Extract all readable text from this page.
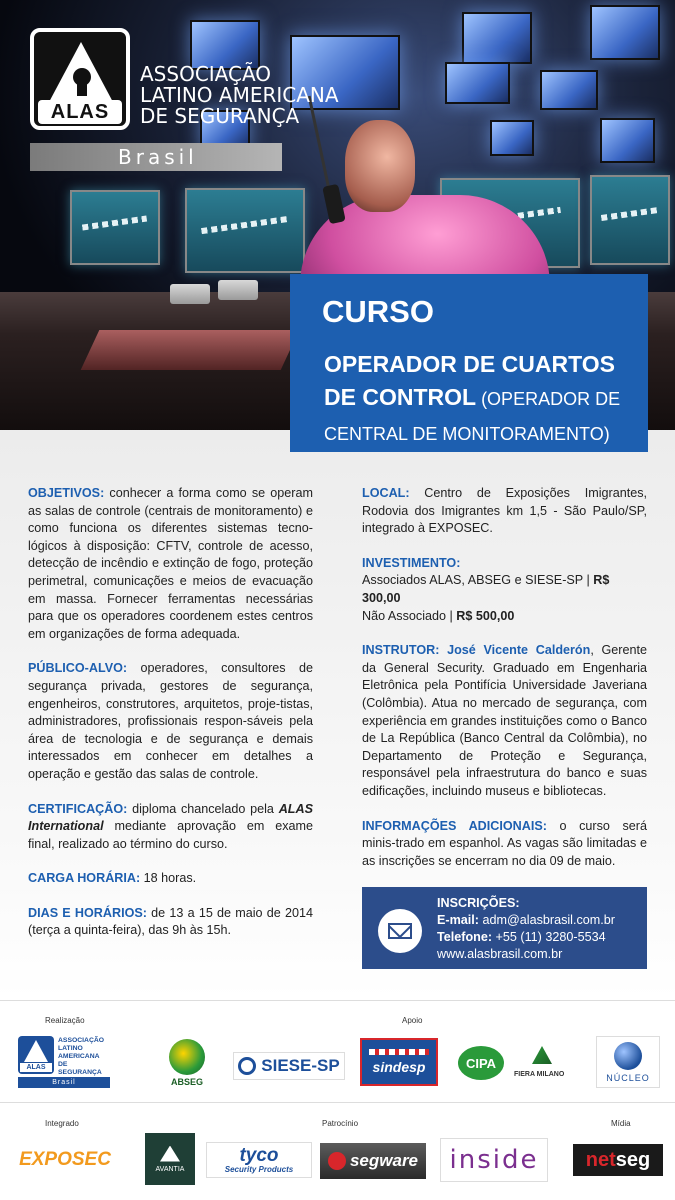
ALAS
ASSOCIAÇÃO
LATINO AMERICANA
DE SEGURANÇA
Brasil
CURSO
OPERADOR DE CUARTOS
DE CONTROL (OPERADOR DE
CENTRAL DE MONITORAMENTO)

OBJETIVOS: conhecer a forma como se operam as salas de controle (centrais de monitoramento) e como funciona os diferentes sistemas tecno-lógicos à disposição: CFTV, controle de acesso, detecção de incêndio e extinção de fogo, proteção perimetral, comunicações e meios de evacuação em massa. Fornecer ferramentas necessárias para que os operadores coordenem estes centros em organizações de forma adequada.

PÚBLICO-ALVO: operadores, consultores de segurança privada, gestores de segurança, engenheiros, construtores, arquitetos, proje-tistas, administradores, profissionais respon-sáveis pela área de tecnologia e de segurança e demais interessados em conhecer em detalhes a operação e gestão das salas de controle.

CERTIFICAÇÃO: diploma chancelado pela ALAS International mediante aprovação em exame final, realizado ao término do curso.

CARGA HORÁRIA: 18 horas.

DIAS E HORÁRIOS: de 13 a 15 de maio de 2014 (terça a quinta-feira), das 9h às 15h.

LOCAL: Centro de Exposições Imigrantes, Rodovia dos Imigrantes km 1,5 - São Paulo/SP, integrado à EXPOSEC.

INVESTIMENTO:
Associados ALAS, ABSEG e SIESE-SP | R$ 300,00
Não Associado | R$ 500,00

INSTRUTOR: José Vicente Calderón, Gerente da General Security. Graduado em Engenharia Eletrônica pela Pontifícia Universidade Javeriana (Colômbia). Atua no mercado de segurança, com experiência em grandes instituições como o Banco de La República (Banco Central da Colômbia), no Departamento de Proteção e Segurança, responsável pela infraestrutura do banco e suas edificações, incluindo museus e bibliotecas.

INFORMAÇÕES ADICIONAIS: o curso será minis-trado em espanhol. As vagas são limitadas e as inscrições se encerram no dia 09 de maio.

INSCRIÇÕES:
E-mail: adm@alasbrasil.com.br
Telefone: +55 (11) 3280-5534
www.alasbrasil.com.br
Realização	Apoio
ALAS
ASSOCIAÇÃO
LATINO AMERICANA
DE SEGURANÇA
Brasil	ABSEG
SIESE-SP sindesp	CIPA
FIERA MILANO	NÚCLEO
Integrado	Patrocínio	Mídia
EXPOSEC	AVANTIA
tyco
Security Products	segware inside net seg
